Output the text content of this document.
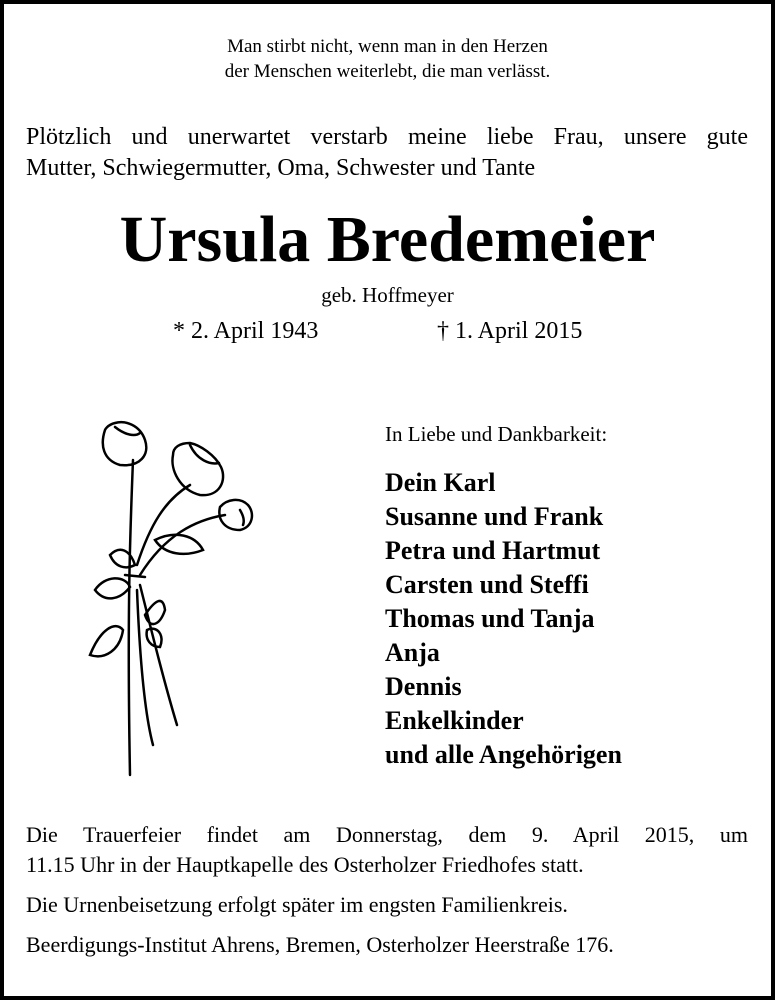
Man stirbt nicht, wenn man in den Herzen
der Menschen weiterlebt, die man verlässt.
Plötzlich und unerwartet verstarb meine liebe Frau, unsere gute
Mutter, Schwiegermutter, Oma, Schwester und Tante
Ursula Bredemeier
geb. Hoffmeyer
* 2. April 1943	† 1. April 2015
In Liebe und Dankbarkeit:
Dein Karl
Susanne und Frank
Petra und Hartmut
Carsten und Steffi
Thomas und Tanja
Anja
Dennis
Enkelkinder
und alle Angehörigen

Die Trauerfeier findet am Donnerstag, dem 9. April 2015, um
11.15 Uhr in der Hauptkapelle des Osterholzer Friedhofes statt.

Die Urnenbeisetzung erfolgt später im engsten Familienkreis.

Beerdigungs-Institut Ahrens, Bremen, Osterholzer Heerstraße 176.
